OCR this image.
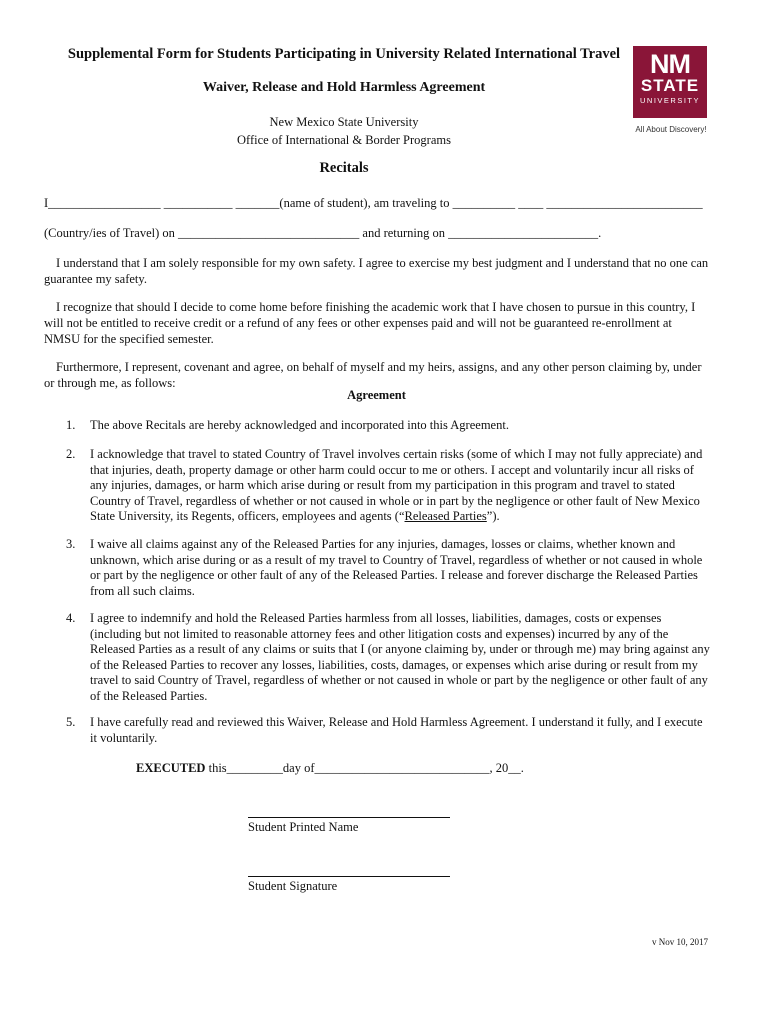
Supplemental Form for Students Participating in University Related International Travel

Waiver, Release and Hold Harmless Agreement

New Mexico State University

Office of International & Border Programs

NM
STATE
UNIVERSITY
All About Discovery!
Recitals
I__________________ ___________ _______(name of student), am traveling to __________ ____ _________________________
(Country/ies of Travel) on _____________________________ and returning on ________________________.

I understand that I am solely responsible for my own safety. I agree to exercise my best judgment and I understand that no one can guarantee my safety.

I recognize that should I decide to come home before finishing the academic work that I have chosen to pursue in this country, I will not be entitled to receive credit or a refund of any fees or other expenses paid and will not be guaranteed re-enrollment at NMSU for the specified semester.

Furthermore, I represent, covenant and agree, on behalf of myself and my heirs, assigns, and any other person claiming by, under or through me, as follows:

Agreement
1.	The above Recitals are hereby acknowledged and incorporated into this Agreement.
2.	I acknowledge that travel to stated Country of Travel involves certain risks (some of which I may not fully appreciate) and that injuries, death, property damage or other harm could occur to me or others. I accept and voluntarily incur all risks of any injuries, damages, or harm which arise during or result from my participation in this program and travel to stated Country of Travel, regardless of whether or not caused in whole or in part by the negligence or other fault of New Mexico State University, its Regents, officers, employees and agents (“Released Parties”).
3.	I waive all claims against any of the Released Parties for any injuries, damages, losses or claims, whether known and unknown, which arise during or as a result of my travel to Country of Travel, regardless of whether or not caused in whole or part by the negligence or other fault of any of the Released Parties. I release and forever discharge the Released Parties from all such claims.
4.	I agree to indemnify and hold the Released Parties harmless from all losses, liabilities, damages, costs or expenses (including but not limited to reasonable attorney fees and other litigation costs and expenses) incurred by any of the Released Parties as a result of any claims or suits that I (or anyone claiming by, under or through me) may bring against any of the Released Parties to recover any losses, liabilities, costs, damages, or expenses which arise during or result from my travel to said Country of Travel, regardless of whether or not caused in whole or part by the negligence or other fault of any of the Released Parties.
5.	I have carefully read and reviewed this Waiver, Release and Hold Harmless Agreement. I understand it fully, and I execute it voluntarily.
EXECUTED this_________day of____________________________, 20__.
Student Printed Name
Student Signature
v Nov 10, 2017
